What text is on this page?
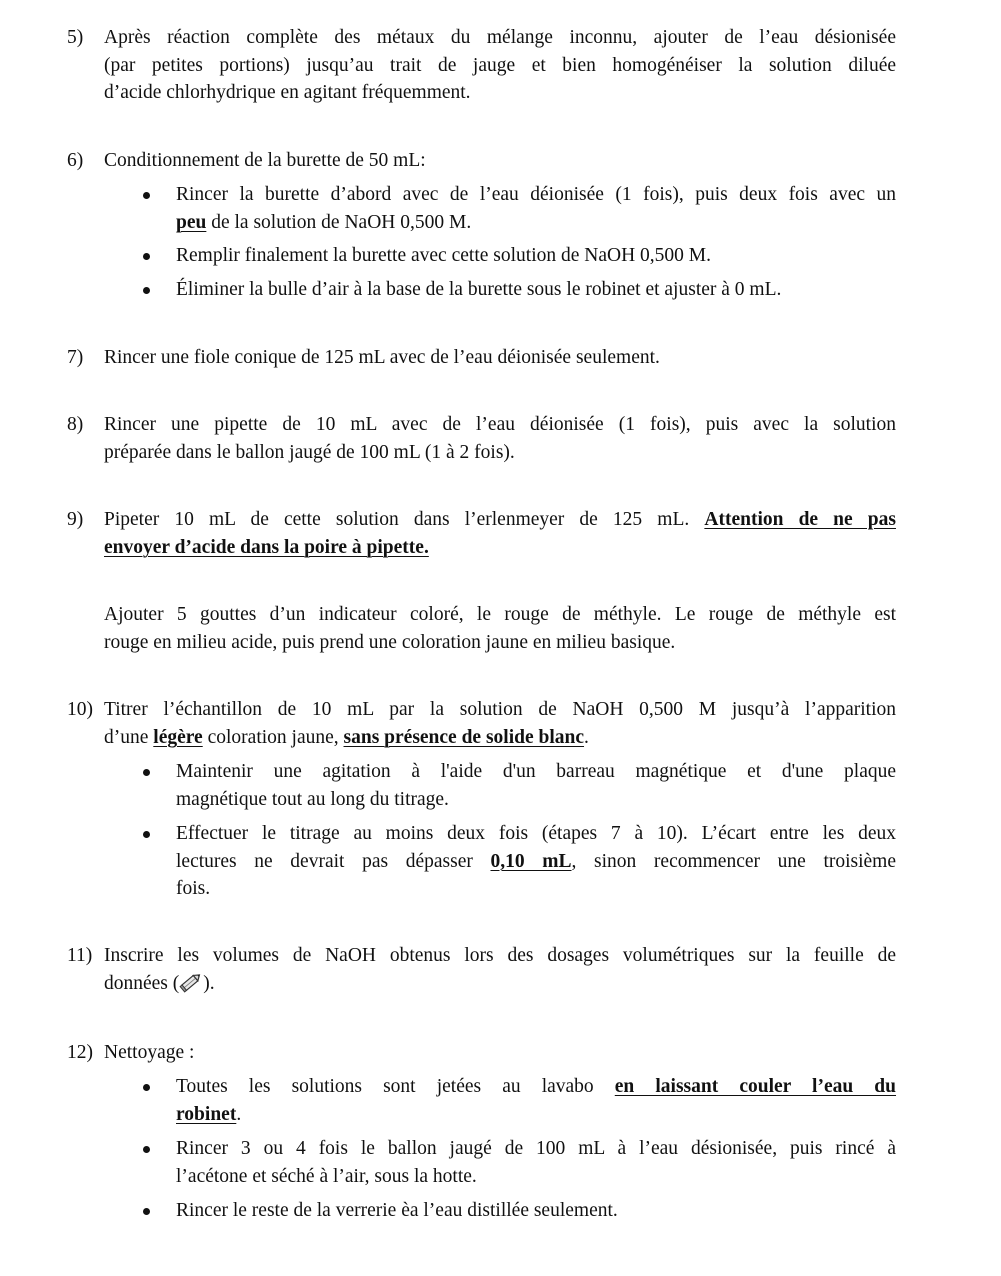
5) Après réaction complète des métaux du mélange inconnu, ajouter de l’eau désionisée
(par petites portions) jusqu’au trait de jauge et bien homogénéiser la solution diluée
d’acide chlorhydrique en agitant fréquemment.
6) Conditionnement de la burette de 50 mL:
Rincer la burette d’abord avec de l’eau déionisée (1 fois), puis deux fois avec un
peu de la solution de NaOH 0,500 M.
Remplir finalement la burette avec cette solution de NaOH 0,500 M.
Éliminer la bulle d’air à la base de la burette sous le robinet et ajuster à 0 mL.
7) Rincer une fiole conique de 125 mL avec de l’eau déionisée seulement.
8) Rincer une pipette de 10 mL avec de l’eau déionisée (1 fois), puis avec la solution
préparée dans le ballon jaugé de 100 mL (1 à 2 fois).
9) Pipeter 10 mL de cette solution dans l’erlenmeyer de 125 mL. Attention de ne pas
envoyer d’acide dans la poire à pipette.
Ajouter 5 gouttes d’un indicateur coloré, le rouge de méthyle. Le rouge de méthyle est
rouge en milieu acide, puis prend une coloration jaune en milieu basique.
10) Titrer l’échantillon de 10 mL par la solution de NaOH 0,500 M jusqu’à l’apparition
d’une légère coloration jaune, sans présence de solide blanc.
Maintenir une agitation à l'aide d'un barreau magnétique et d'une plaque
magnétique tout au long du titrage.
Effectuer le titrage au moins deux fois (étapes 7 à 10). L’écart entre les deux
lectures ne devrait pas dépasser 0,10 mL, sinon recommencer une troisième
fois.
11) Inscrire les volumes de NaOH obtenus lors des dosages volumétriques sur la feuille de
données ( ).
12) Nettoyage :
Toutes les solutions sont jetées au lavabo en laissant couler l’eau du
robinet.
Rincer 3 ou 4 fois le ballon jaugé de 100 mL à l’eau désionisée, puis rincé à
l’acétone et séché à l’air, sous la hotte.
Rincer le reste de la verrerie èa l’eau distillée seulement.
